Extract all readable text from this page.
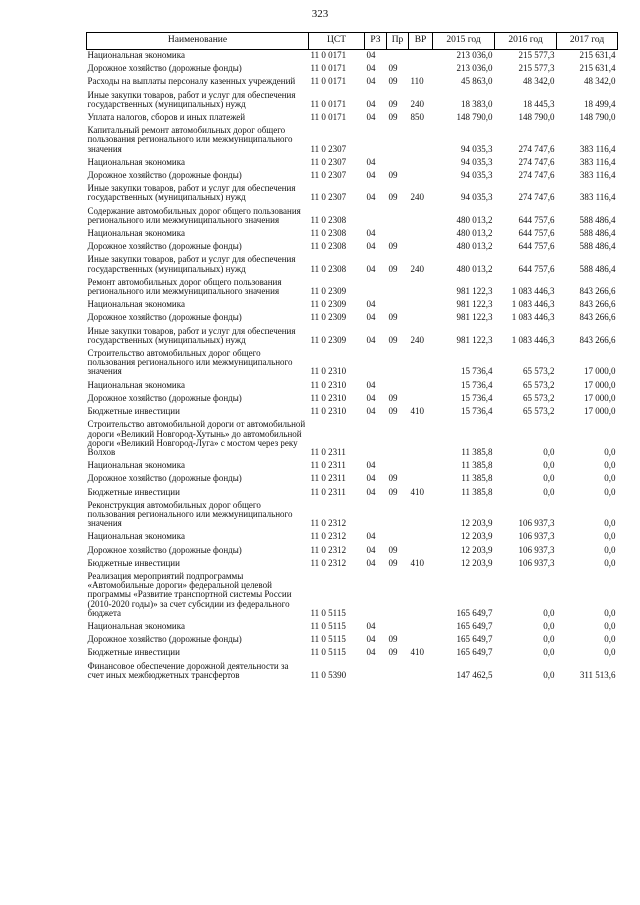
323
Наименование	ЦСТ	РЗ	Пр	ВР	2015 год	2016 год	2017 год
Национальная экономика	11 0 0171	04			213 036,0	215 577,3	215 631,4
Дорожное хозяйство (дорожные фонды)	11 0 0171	04	09		213 036,0	215 577,3	215 631,4
Расходы на выплаты персоналу казенных учреждений	11 0 0171	04	09	110	45 863,0	48 342,0	48 342,0
Иные закупки товаров, работ и услуг для обеспечения государственных (муниципальных) нужд	11 0 0171	04	09	240	18 383,0	18 445,3	18 499,4
Уплата налогов, сборов и иных платежей	11 0 0171	04	09	850	148 790,0	148 790,0	148 790,0
Капитальный ремонт автомобильных дорог общего пользования регионального или межмуниципального значения	11 0 2307				94 035,3	274 747,6	383 116,4
Национальная экономика	11 0 2307	04			94 035,3	274 747,6	383 116,4
Дорожное хозяйство (дорожные фонды)	11 0 2307	04	09		94 035,3	274 747,6	383 116,4
Иные закупки товаров, работ и услуг для обеспечения государственных (муниципальных) нужд	11 0 2307	04	09	240	94 035,3	274 747,6	383 116,4
Содержание автомобильных дорог общего пользования регионального или межмуниципального значения	11 0 2308				480 013,2	644 757,6	588 486,4
Национальная экономика	11 0 2308	04			480 013,2	644 757,6	588 486,4
Дорожное хозяйство (дорожные фонды)	11 0 2308	04	09		480 013,2	644 757,6	588 486,4
Иные закупки товаров, работ и услуг для обеспечения государственных (муниципальных) нужд	11 0 2308	04	09	240	480 013,2	644 757,6	588 486,4
Ремонт автомобильных дорог общего пользования регионального или межмуниципального значения	11 0 2309				981 122,3	1 083 446,3	843 266,6
Национальная экономика	11 0 2309	04			981 122,3	1 083 446,3	843 266,6
Дорожное хозяйство (дорожные фонды)	11 0 2309	04	09		981 122,3	1 083 446,3	843 266,6
Иные закупки товаров, работ и услуг для обеспечения государственных (муниципальных) нужд	11 0 2309	04	09	240	981 122,3	1 083 446,3	843 266,6
Строительство автомобильных дорог общего пользования регионального или межмуниципального значения	11 0 2310				15 736,4	65 573,2	17 000,0
Национальная экономика	11 0 2310	04			15 736,4	65 573,2	17 000,0
Дорожное хозяйство (дорожные фонды)	11 0 2310	04	09		15 736,4	65 573,2	17 000,0
Бюджетные инвестиции	11 0 2310	04	09	410	15 736,4	65 573,2	17 000,0
Строительство автомобильной дороги от автомобильной дороги «Великий Новгород-Хутынь» до автомобильной дороги «Великий Новгород-Луга» с мостом через реку Волхов	11 0 2311				11 385,8	0,0	0,0
Национальная экономика	11 0 2311	04			11 385,8	0,0	0,0
Дорожное хозяйство (дорожные фонды)	11 0 2311	04	09		11 385,8	0,0	0,0
Бюджетные инвестиции	11 0 2311	04	09	410	11 385,8	0,0	0,0
Реконструкция автомобильных дорог общего пользования регионального или межмуниципального значения	11 0 2312				12 203,9	106 937,3	0,0
Национальная экономика	11 0 2312	04			12 203,9	106 937,3	0,0
Дорожное хозяйство (дорожные фонды)	11 0 2312	04	09		12 203,9	106 937,3	0,0
Бюджетные инвестиции	11 0 2312	04	09	410	12 203,9	106 937,3	0,0
Реализация мероприятий подпрограммы «Автомобильные дороги» федеральной целевой программы «Развитие транспортной системы России (2010-2020 годы)» за счет субсидии из федерального бюджета	11 0 5115				165 649,7	0,0	0,0
Национальная экономика	11 0 5115	04			165 649,7	0,0	0,0
Дорожное хозяйство (дорожные фонды)	11 0 5115	04	09		165 649,7	0,0	0,0
Бюджетные инвестиции	11 0 5115	04	09	410	165 649,7	0,0	0,0
Финансовое обеспечение дорожной деятельности за счет иных межбюджетных трансфертов	11 0 5390				147 462,5	0,0	311 513,6
